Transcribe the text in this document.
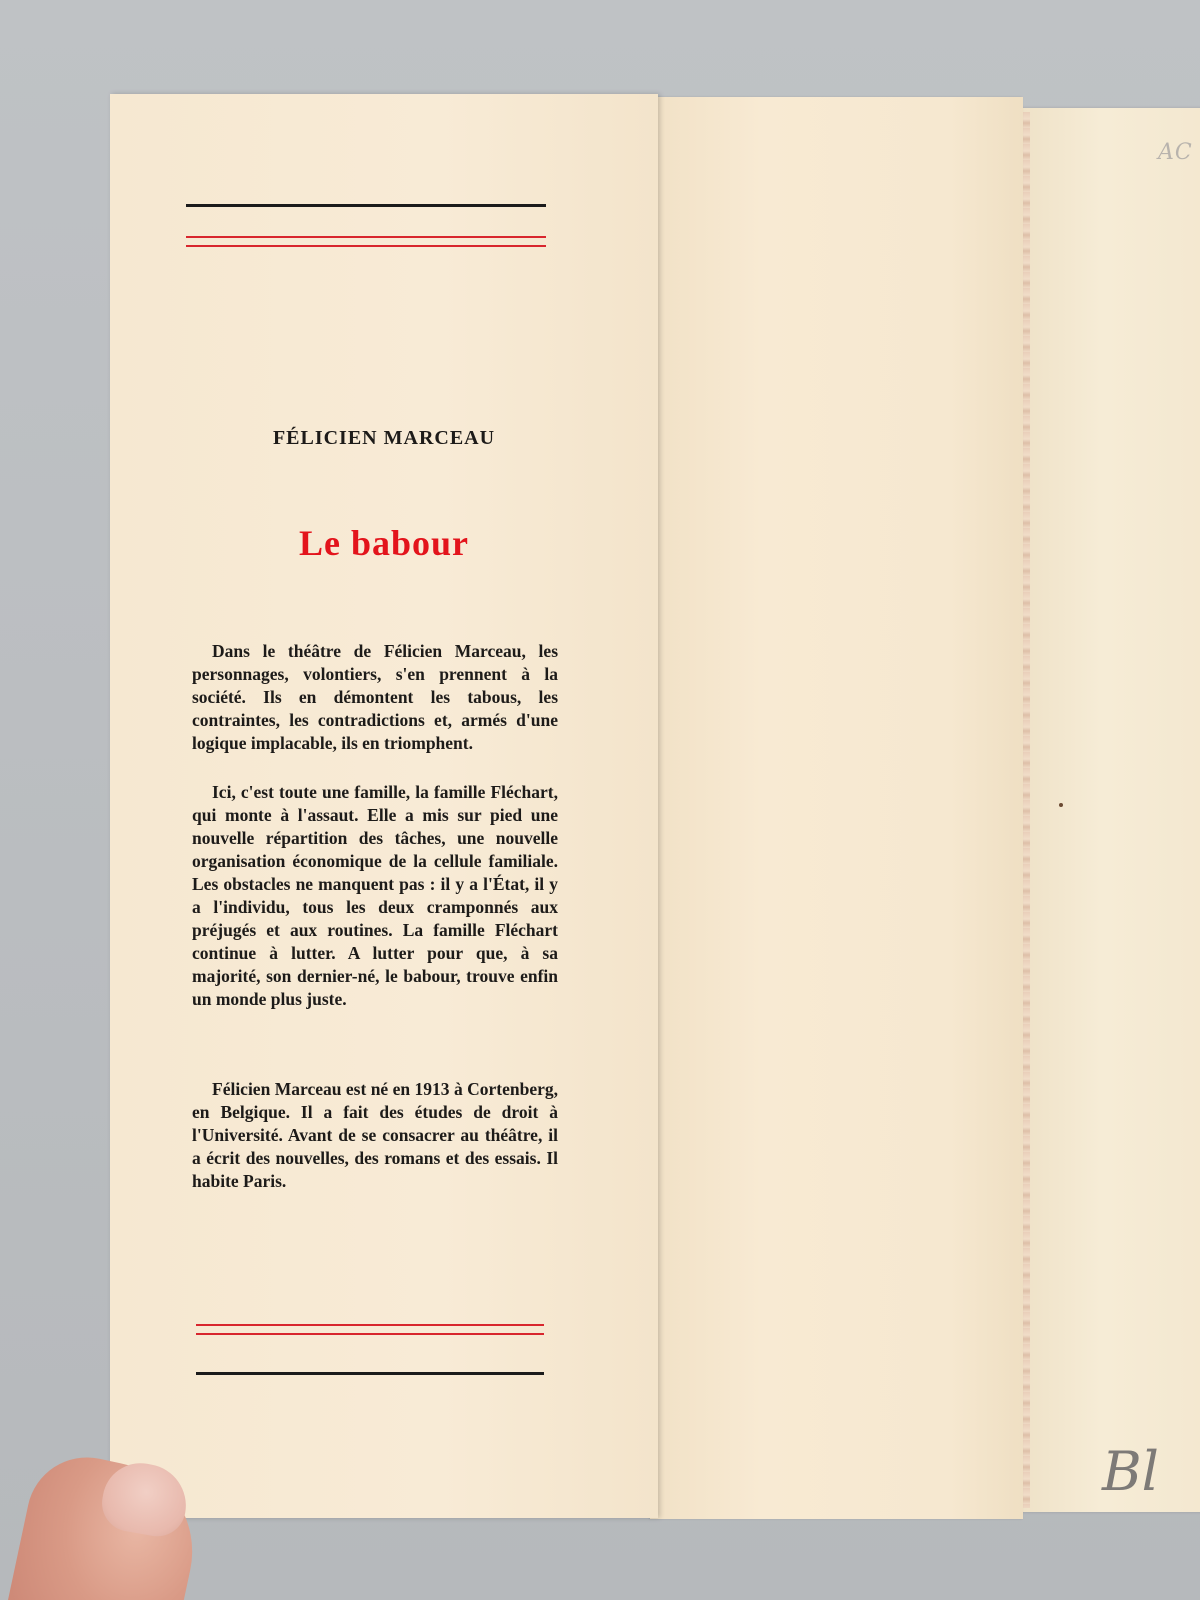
AC
Bl
FÉLICIEN MARCEAU
Le babour

Dans le théâtre de Félicien Marceau, les personnages, volontiers, s'en prennent à la société. Ils en démontent les tabous, les contraintes, les contradictions et, armés d'une logique implacable, ils en triomphent.

Ici, c'est toute une famille, la famille Fléchart, qui monte à l'assaut. Elle a mis sur pied une nouvelle répartition des tâches, une nouvelle organisation économique de la cellule familiale. Les obstacles ne manquent pas : il y a l'État, il y a l'individu, tous les deux cramponnés aux préjugés et aux routines. La famille Fléchart continue à lutter. A lutter pour que, à sa majorité, son dernier-né, le babour, trouve enfin un monde plus juste.

Félicien Marceau est né en 1913 à Cortenberg, en Belgique. Il a fait des études de droit à l'Université. Avant de se consacrer au théâtre, il a écrit des nouvelles, des romans et des essais. Il habite Paris.
